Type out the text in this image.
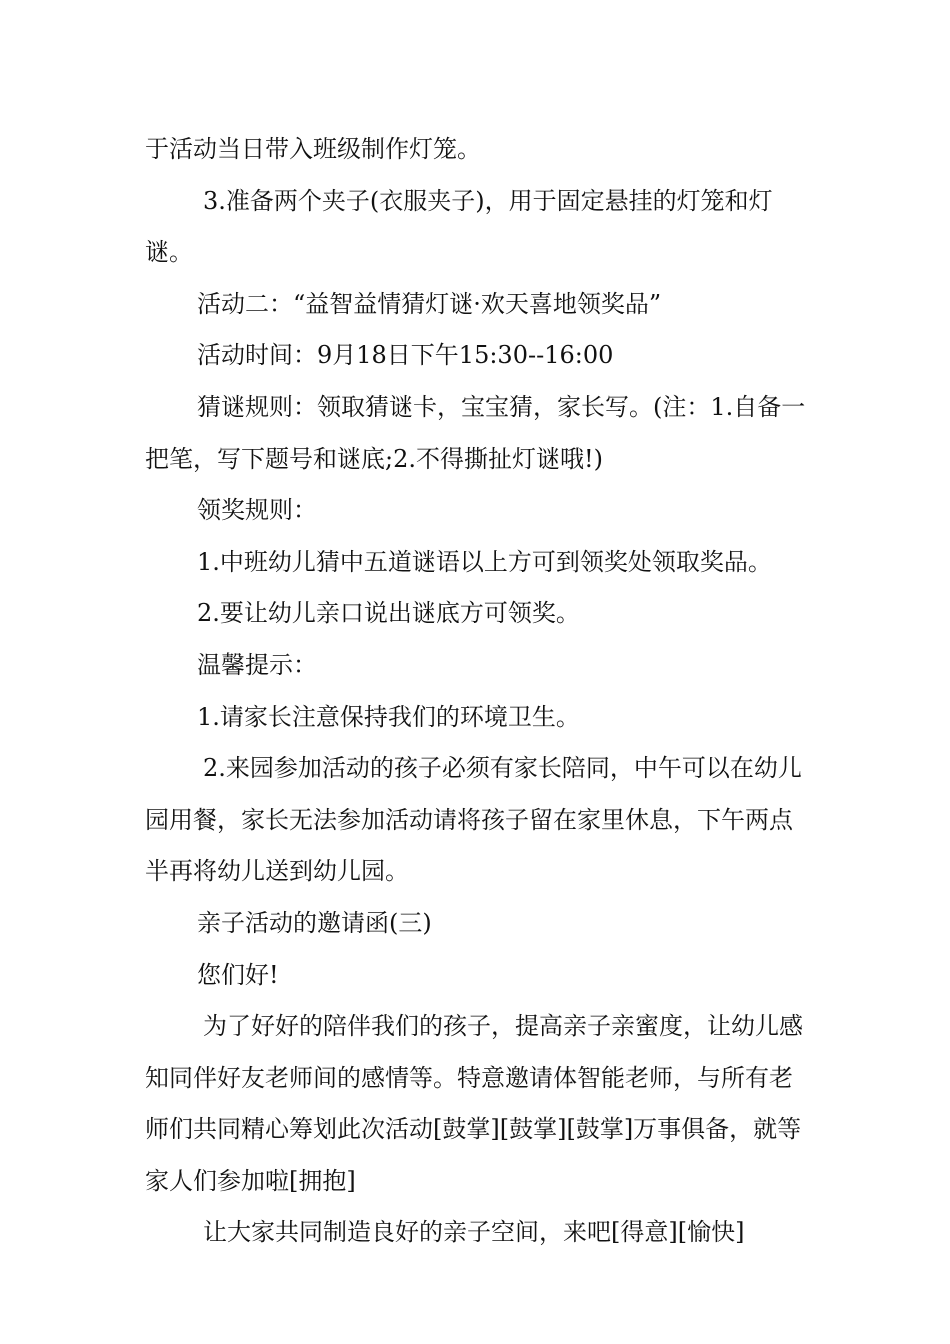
于活动当日带入班级制作灯笼。

3.准备两个夹子(衣服夹子)，用于固定悬挂的灯笼和灯谜。

活动二：“益智益情猜灯谜·欢天喜地领奖品”

活动时间：9月18日下午15:30--16:00

猜谜规则：领取猜谜卡，宝宝猜，家长写。(注：1.自备一把笔，写下题号和谜底;2.不得撕扯灯谜哦!)

领奖规则：

1.中班幼儿猜中五道谜语以上方可到领奖处领取奖品。

2.要让幼儿亲口说出谜底方可领奖。

温馨提示：

1.请家长注意保持我们的环境卫生。

2.来园参加活动的孩子必须有家长陪同，中午可以在幼儿园用餐，家长无法参加活动请将孩子留在家里休息，下午两点半再将幼儿送到幼儿园。

亲子活动的邀请函(三)

您们好!

为了好好的陪伴我们的孩子，提高亲子亲蜜度，让幼儿感知同伴好友老师间的感情等。特意邀请体智能老师，与所有老师们共同精心筹划此次活动[鼓掌][鼓掌][鼓掌]万事俱备，就等家人们参加啦[拥抱]

让大家共同制造良好的亲子空间，来吧[得意][愉快]
